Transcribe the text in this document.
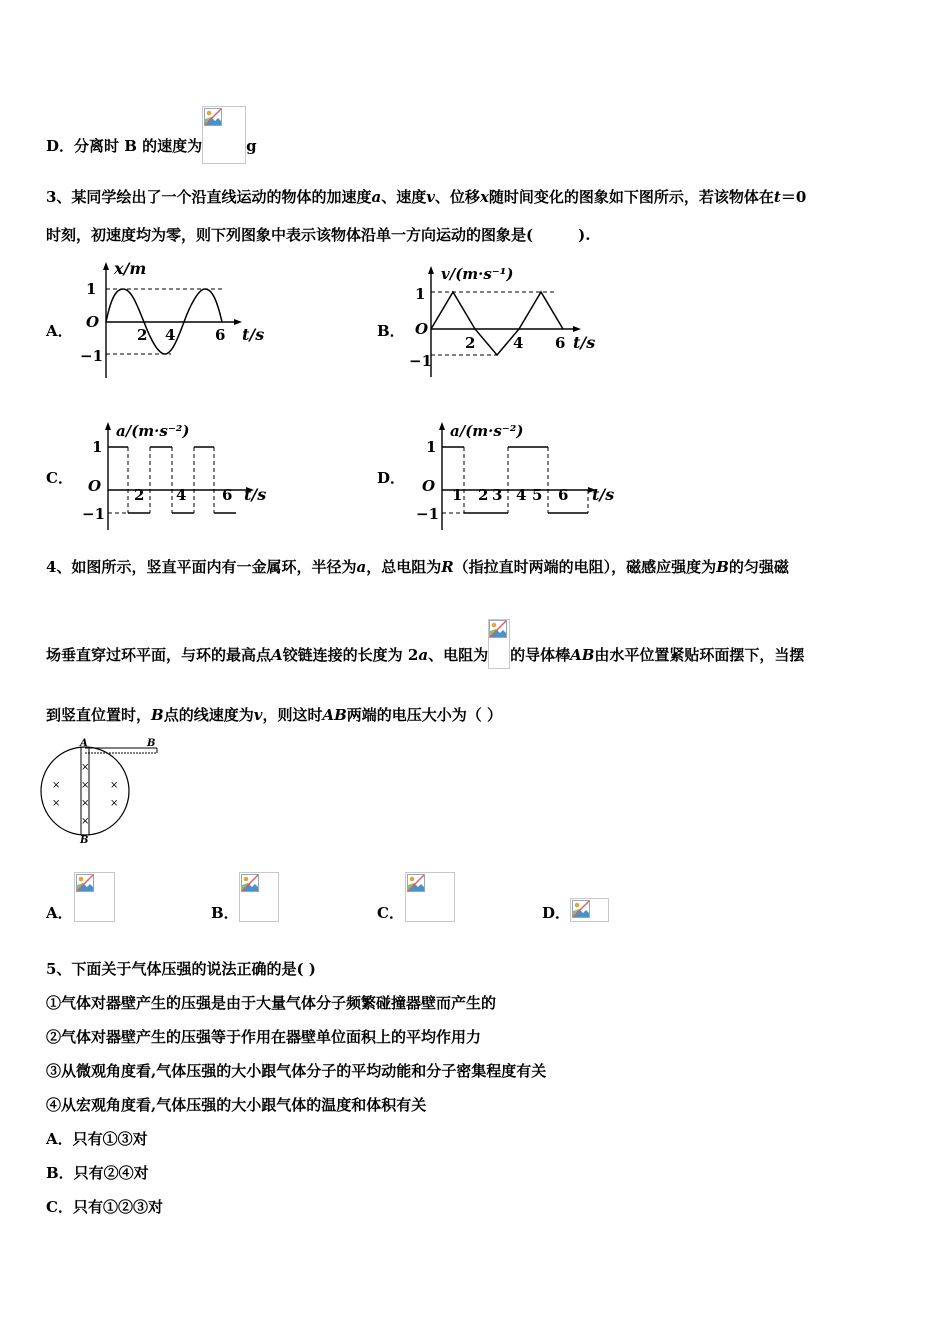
D．分离时 B 的速度为	g
3、某同学绘出了一个沿直线运动的物体的加速度a、速度v、位移x随时间变化的图象如下图所示，若该物体在t＝0
时刻，初速度均为零，则下列图象中表示该物体沿单一方向运动的图象是(　　　).
A．	B．
C．	D．
x/m
1
O
−1
2 4	6 t/s
v/(m·s⁻¹)
1
O
−1
2	4 6 t/s
a/(m·s⁻²)
1
O
−1
2 4 6 t/s
a/(m·s⁻²)
1
O
−1
1 2 3 4 5 6 t/s
4、如图所示，竖直平面内有一金属环，半径为a，总电阻为R（指拉直时两端的电阻），磁感应强度为B的匀强磁
场垂直穿过环平面，与环的最高点A铰链连接的长度为 2a、电阻为 的导体棒AB由水平位置紧贴环面摆下，当摆
到竖直位置时，B点的线速度为v，则这时AB两端的电压大小为（ ）
A	B
B
×
×
×
×
×
×
×
×
A．	B．	C．	D．
5、下面关于气体压强的说法正确的是( )
①气体对器壁产生的压强是由于大量气体分子频繁碰撞器壁而产生的
②气体对器壁产生的压强等于作用在器壁单位面积上的平均作用力
③从微观角度看,气体压强的大小跟气体分子的平均动能和分子密集程度有关
④从宏观角度看,气体压强的大小跟气体的温度和体积有关
A．只有①③对
B．只有②④对
C．只有①②③对
